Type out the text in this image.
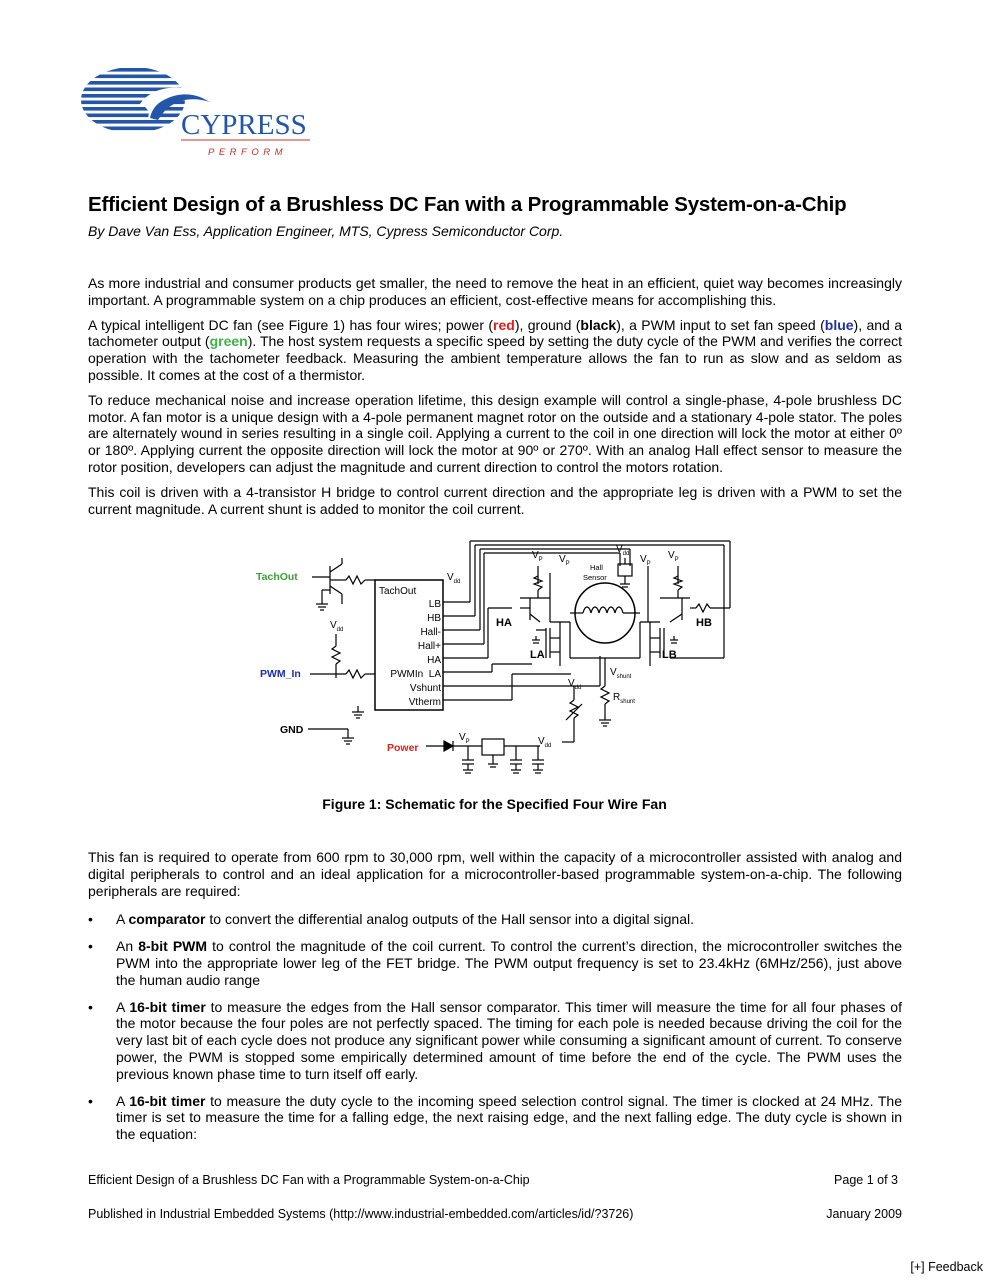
CYPRESS
PERFORM
Efficient Design of a Brushless DC Fan with a Programmable System-on-a-Chip
By Dave Van Ess, Application Engineer, MTS, Cypress Semiconductor Corp.

As more industrial and consumer products get smaller, the need to remove the heat in an efficient, quiet way becomes increasingly important. A programmable system on a chip produces an efficient, cost-effective means for accomplishing this.

A typical intelligent DC fan (see Figure 1) has four wires; power (red), ground (black), a PWM input to set fan speed (blue), and a tachometer output (green). The host system requests a specific speed by setting the duty cycle of the PWM and verifies the correct operation with the tachometer feedback. Measuring the ambient temperature allows the fan to run as slow and as seldom as possible. It comes at the cost of a thermistor.

To reduce mechanical noise and increase operation lifetime, this design example will control a single-phase, 4-pole brushless DC motor. A fan motor is a unique design with a 4-pole permanent magnet rotor on the outside and a stationary 4-pole stator. The poles are alternately wound in series resulting in a single coil. Applying a current to the coil in one direction will lock the motor at either 0º or 180º. Applying current the opposite direction will lock the motor at 90º or 270º. With an analog Hall effect sensor to measure the rotor position, developers can adjust the magnitude and current direction to control the motors rotation.

This coil is driven with a 4-transistor H bridge to control current direction and the appropriate leg is driven with a PWM to set the current magnitude. A current shunt is added to monitor the coil current.

TachOut
PWM_In
GND
Power
TachOut
LB
HB
Hall-
Hall+
HA
PWMIn  LA
Vshunt
Vtherm
$V_{dd}$
$V_{dd}$
$V_P$	$V_{dd}$
$V_P$ $V_P$
$V_{dd}$ $V_P$
$V_P$
$V_{dd}$
$V_{shunt}$
$R_{shunt}$
Hall
Sensor
HA	HB
LA	LB
Figure 1: Schematic for the Specified Four Wire Fan

This fan is required to operate from 600 rpm to 30,000 rpm, well within the capacity of a microcontroller assisted with analog and digital peripherals to control and an ideal application for a microcontroller-based programmable system-on-a-chip. The following peripherals are required:

• A comparator to convert the differential analog outputs of the Hall sensor into a digital signal.
• An 8-bit PWM to control the magnitude of the coil current. To control the current’s direction, the microcontroller switches the PWM into the appropriate lower leg of the FET bridge. The PWM output frequency is set to 23.4kHz (6MHz/256), just above the human audio range
• A 16-bit timer to measure the edges from the Hall sensor comparator. This timer will measure the time for all four phases of the motor because the four poles are not perfectly spaced. The timing for each pole is needed because driving the coil for the very last bit of each cycle does not produce any significant power while consuming a significant amount of current. To conserve power, the PWM is stopped some empirically determined amount of time before the end of the cycle. The PWM uses the previous known phase time to turn itself off early.
• A 16-bit timer to measure the duty cycle to the incoming speed selection control signal. The timer is clocked at 24 MHz. The timer is set to measure the time for a falling edge, the next raising edge, and the next falling edge. The duty cycle is shown in the equation:
Efficient Design of a Brushless DC Fan with a Programmable System-on-a-Chip	Page 1 of 3
Published in Industrial Embedded Systems (http://www.industrial-embedded.com/articles/id/?3726)	January 2009
[+] Feedback
